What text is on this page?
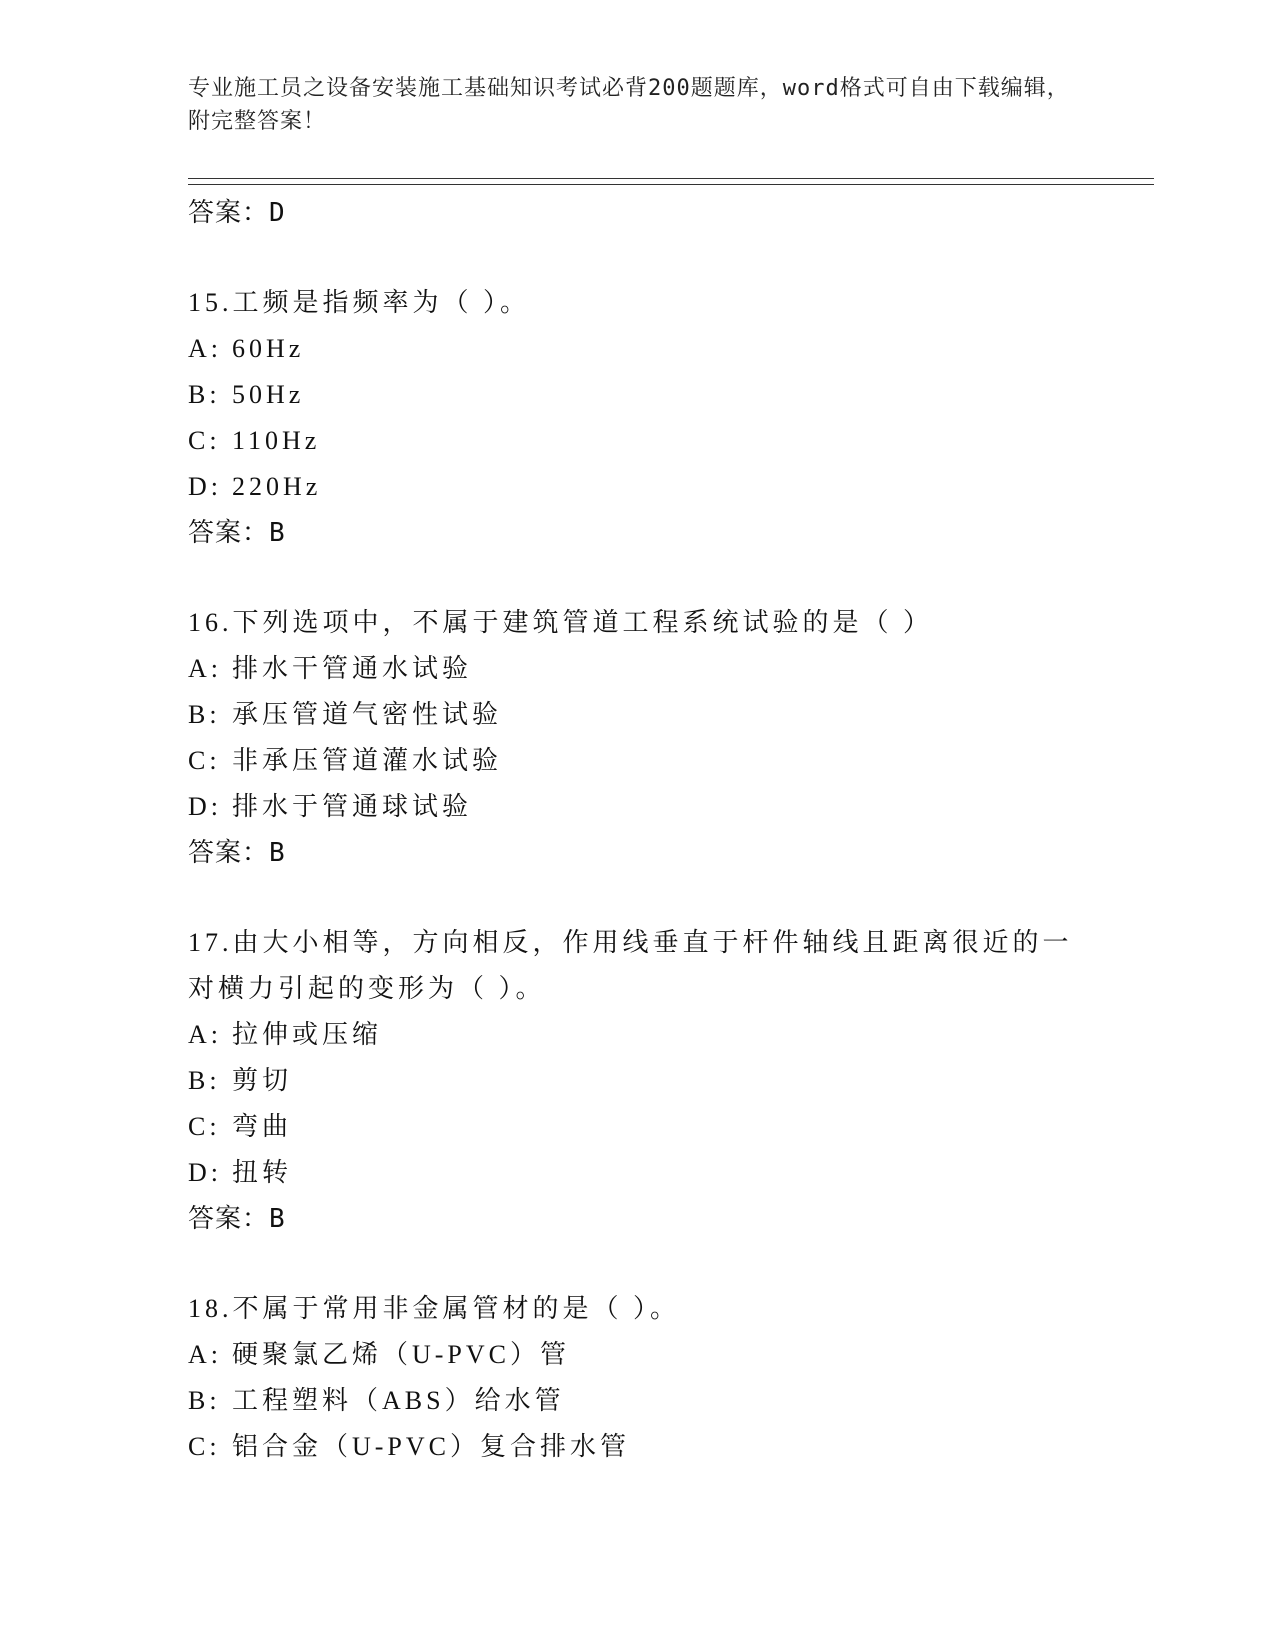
专业施工员之设备安装施工基础知识考试必背200题题库，word格式可自由下载编辑，附完整答案！
答案：D
15.工频是指频率为（ ）。
A: 60Hz
B: 50Hz
C: 110Hz
D: 220Hz
答案：B
16.下列选项中，不属于建筑管道工程系统试验的是（ ）
A: 排水干管通水试验
B: 承压管道气密性试验
C: 非承压管道灌水试验
D: 排水于管通球试验
答案：B
17.由大小相等，方向相反，作用线垂直于杆件轴线且距离很近的一对横力引起的变形为（ ）。
A: 拉伸或压缩
B: 剪切
C: 弯曲
D: 扭转
答案：B
18.不属于常用非金属管材的是（ ）。
A: 硬聚氯乙烯（U-PVC）管
B: 工程塑料（ABS）给水管
C: 铝合金（U-PVC）复合排水管
